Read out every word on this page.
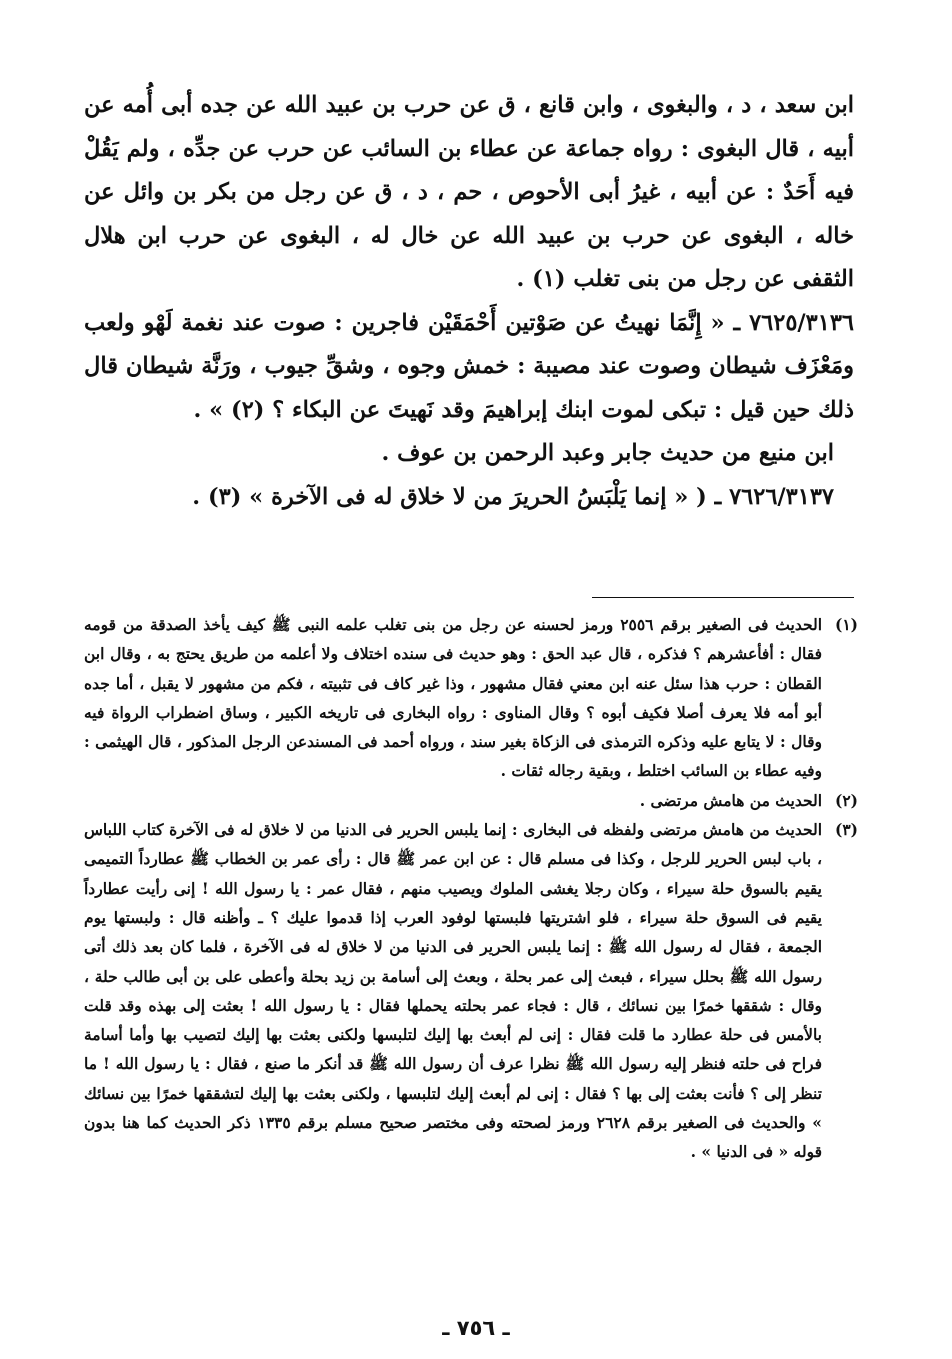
ابن سعد ، د ، والبغوى ، وابن قانع ، ق عن حرب بن عبيد الله عن جده أبى أُمه عن أبيه ، قال البغوى : رواه جماعة عن عطاء بن السائب عن حرب عن جدِّه ، ولم يَقُلْ فيه أَحَدٌ : عن أبيه ، غيرُ أبى الأحوص ، حم ، د ، ق عن رجل من بكر بن وائل عن خاله ، البغوى عن حرب بن عبيد الله عن خال له ، البغوى عن حرب ابن هلال الثقفى عن رجل من بنى تغلب (١) .

٧٦٢٥/٣١٣٦ ـ « إِنَّمَا نهيتُ عن صَوْتين أَحْمَقَيْن فاجرين : صوت عند نغمة لَهْو ولعب ومَعْزَف شيطان وصوت عند مصيبة : خمش وجوه ، وشقِّ جيوب ، ورَنَّة شيطان قال ذلك حين قيل : تبكى لموت ابنك إبراهيمَ وقد نَهيتَ عن البكاء ؟ (٢) » .

ابن منيع من حديث جابر وعبد الرحمن بن عوف .

٧٦٢٦/٣١٣٧ ـ ( « إنما يَلْبَسُ الحريرَ من لا خلاق له فى الآخرة » (٣) .

(١)
الحديث فى الصغير برقم ٢٥٥٦ ورمز لحسنه عن رجل من بنى تغلب علمه النبى ﷺ كيف يأخذ الصدقة من قومه فقال : أفأعشرهم ؟ فذكره ، قال عبد الحق : وهو حديث فى سنده اختلاف ولا أعلمه من طريق يحتج به ، وقال ابن القطان : حرب هذا سئل عنه ابن معني فقال مشهور ، وذا غير كاف فى تثبيته ، فكم من مشهور لا يقبل ، أما جده أبو أمه فلا يعرف أصلا فكيف أبوه ؟ وقال المناوى : رواه البخارى فى تاريخه الكبير ، وساق اضطراب الرواة فيه وقال : لا يتابع عليه وذكره الترمذى فى الزكاة بغير سند ، ورواه أحمد فى المسندعن الرجل المذكور ، قال الهيثمى : وفيه عطاء بن السائب اختلط ، وبقية رجاله ثقات .

(٢)
الحديث من هامش مرتضى .

(٣)
الحديث من هامش مرتضى ولفظه فى البخارى : إنما يلبس الحرير فى الدنيا من لا خلاق له فى الآخرة كتاب اللباس ، باب لبس الحرير للرجل ، وكذا فى مسلم قال : عن ابن عمر ﷺ قال : رأى عمر بن الخطاب ﷺ عطارداً التميمى يقيم بالسوق حلة سيراء ، وكان رجلا يغشى الملوك ويصيب منهم ، فقال عمر : يا رسول الله ! إنى رأيت عطارداً يقيم فى السوق حلة سيراء ، فلو اشتريتها فلبستها لوفود العرب إذا قدموا عليك ؟ ـ وأظنه قال : ولبستها يوم الجمعة ، فقال له رسول الله ﷺ : إنما يلبس الحرير فى الدنيا من لا خلاق له فى الآخرة ، فلما كان بعد ذلك أتى رسول الله ﷺ بحلل سيراء ، فبعث إلى عمر بحلة ، وبعث إلى أسامة بن زيد بحلة وأعطى على بن أبى طالب حلة ، وقال : شققها خمرًا بين نسائك ، قال : فجاء عمر بحلته يحملها فقال : يا رسول الله ! بعثت إلى بهذه وقد قلت بالأمس فى حلة عطارد ما قلت فقال : إنى لم أبعث بها إليك لتلبسها ولكنى بعثت بها إليك لتصيب بها وأما أسامة فراح فى حلته فنظر إليه رسول الله ﷺ نظرا عرف أن رسول الله ﷺ قد أنكر ما صنع ، فقال : يا رسول الله ! ما تنظر إلى ؟ فأنت بعثت إلى بها ؟ فقال : إنى لم أبعث إليك لتلبسها ، ولكنى بعثت بها إليك لتشققها خمرًا بين نسائك » والحديث فى الصغير برقم ٢٦٢٨ ورمز لصحته وفى مختصر صحيح مسلم برقم ١٣٣٥ ذكر الحديث كما هنا بدون قوله « فى الدنيا » .

ـ ٧٥٦ ـ
